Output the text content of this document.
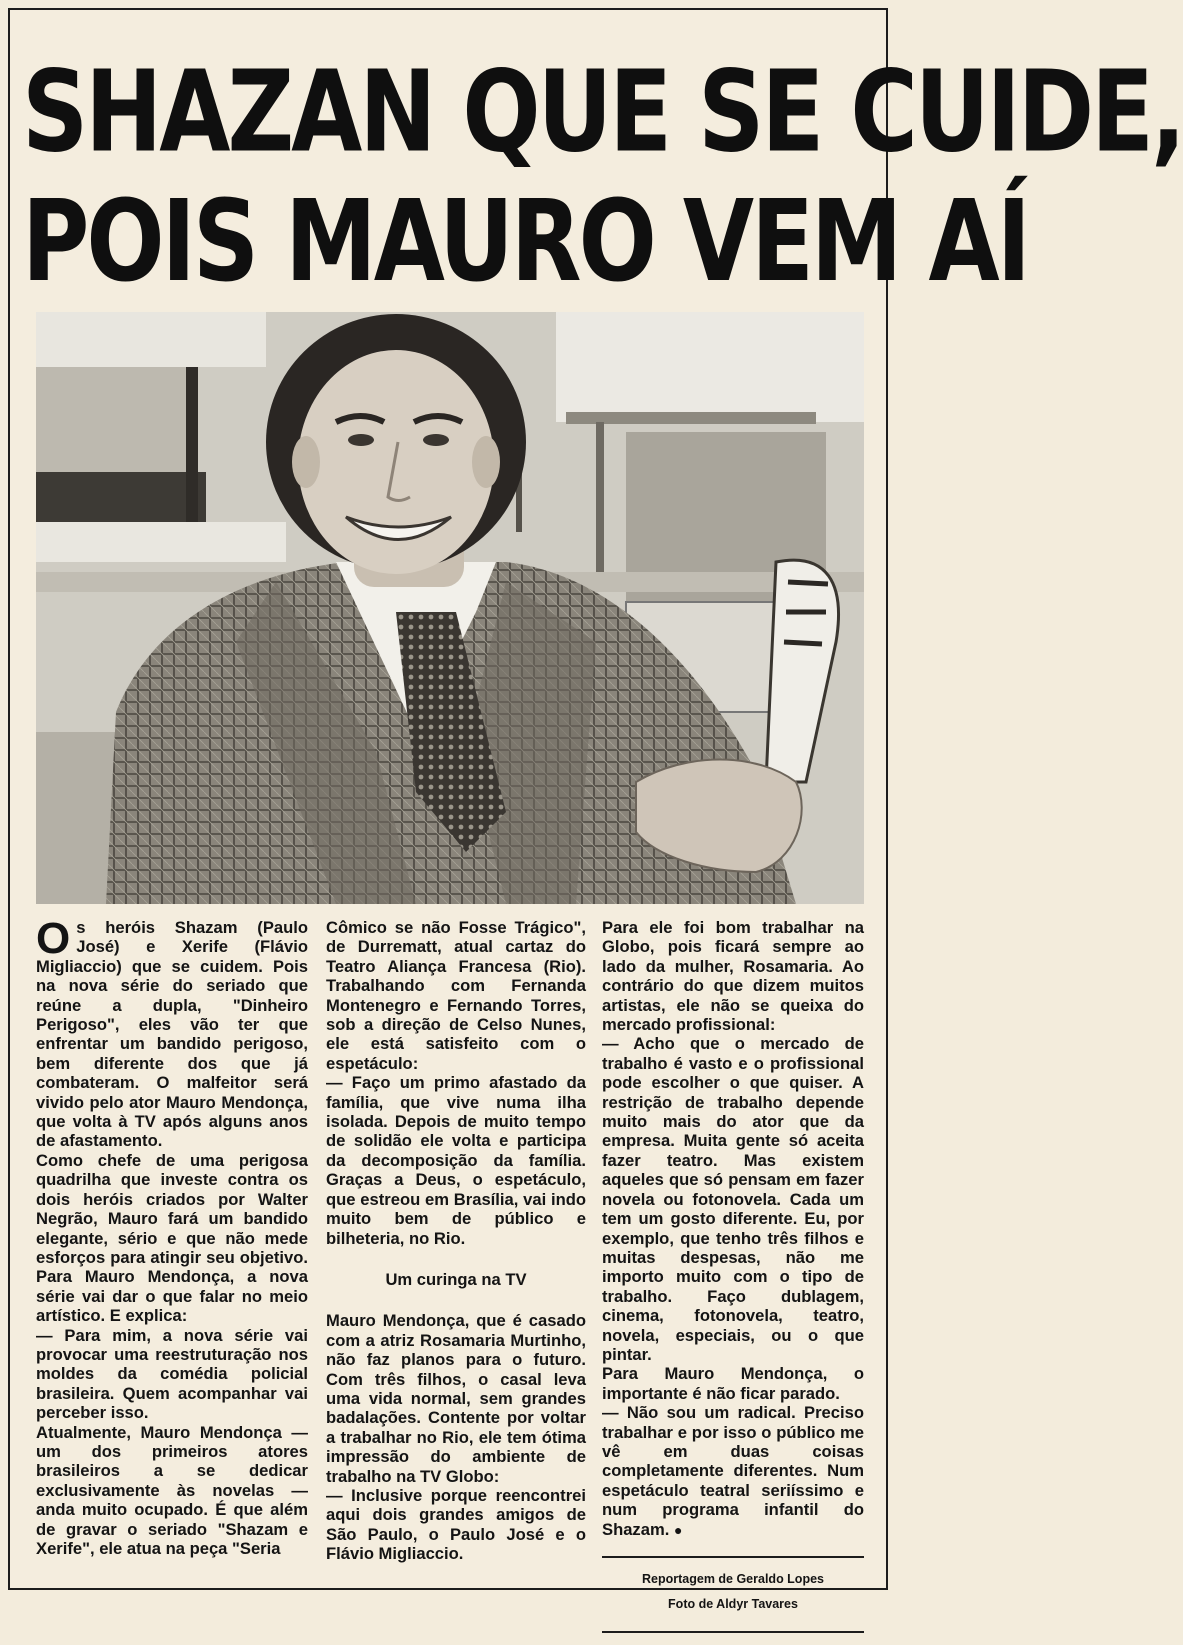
SHAZAN QUE SE CUIDE,
POIS MAURO VEM AÍ

Os heróis Shazam (Paulo José) e Xerife (Flávio Migliaccio) que se cuidem. Pois na nova série do seriado que reúne a dupla, "Dinheiro Perigoso", eles vão ter que enfrentar um bandido perigoso, bem diferente dos que já combateram. O malfeitor será vivido pelo ator Mauro Mendonça, que volta à TV após alguns anos de afastamento.

Como chefe de uma perigosa quadrilha que investe contra os dois heróis criados por Walter Negrão, Mauro fará um bandido elegante, sério e que não mede esforços para atingir seu objetivo. Para Mauro Mendonça, a nova série vai dar o que falar no meio artístico. E explica:

— Para mim, a nova série vai provocar uma reestruturação nos moldes da comédia policial brasileira. Quem acompanhar vai perceber isso.

Atualmente, Mauro Mendonça — um dos primeiros atores brasileiros a se dedicar exclusivamente às novelas — anda muito ocupado. É que além de gravar o seriado "Shazam e Xerife", ele atua na peça "Seria

Cômico se não Fosse Trágico", de Durrematt, atual cartaz do Teatro Aliança Francesa (Rio). Trabalhando com Fernanda Montenegro e Fernando Torres, sob a direção de Celso Nunes, ele está satisfeito com o espetáculo:

— Faço um primo afastado da família, que vive numa ilha isolada. Depois de muito tempo de solidão ele volta e participa da decomposição da família. Graças a Deus, o espetáculo, que estreou em Brasília, vai indo muito bem de público e bilheteria, no Rio.

Um curinga na TV

Mauro Mendonça, que é casado com a atriz Rosamaria Murtinho, não faz planos para o futuro. Com três filhos, o casal leva uma vida normal, sem grandes badalações. Contente por voltar a trabalhar no Rio, ele tem ótima impressão do ambiente de trabalho na TV Globo:

— Inclusive porque reencontrei aqui dois grandes amigos de São Paulo, o Paulo José e o Flávio Migliaccio.

Para ele foi bom trabalhar na Globo, pois ficará sempre ao lado da mulher, Rosamaria. Ao contrário do que dizem muitos artistas, ele não se queixa do mercado profissional:

— Acho que o mercado de trabalho é vasto e o profissional pode escolher o que quiser. A restrição de trabalho depende muito mais do ator que da empresa. Muita gente só aceita fazer teatro. Mas existem aqueles que só pensam em fazer novela ou fotonovela. Cada um tem um gosto diferente. Eu, por exemplo, que tenho três filhos e muitas despesas, não me importo muito com o tipo de trabalho. Faço dublagem, cinema, fotonovela, teatro, novela, especiais, ou o que pintar.

Para Mauro Mendonça, o importante é não ficar parado.

— Não sou um radical. Preciso trabalhar e por isso o público me vê em duas coisas completamente diferentes. Num espetáculo teatral seriíssimo e num programa infantil do Shazam. ●

Reportagem de Geraldo Lopes

Foto de Aldyr Tavares
